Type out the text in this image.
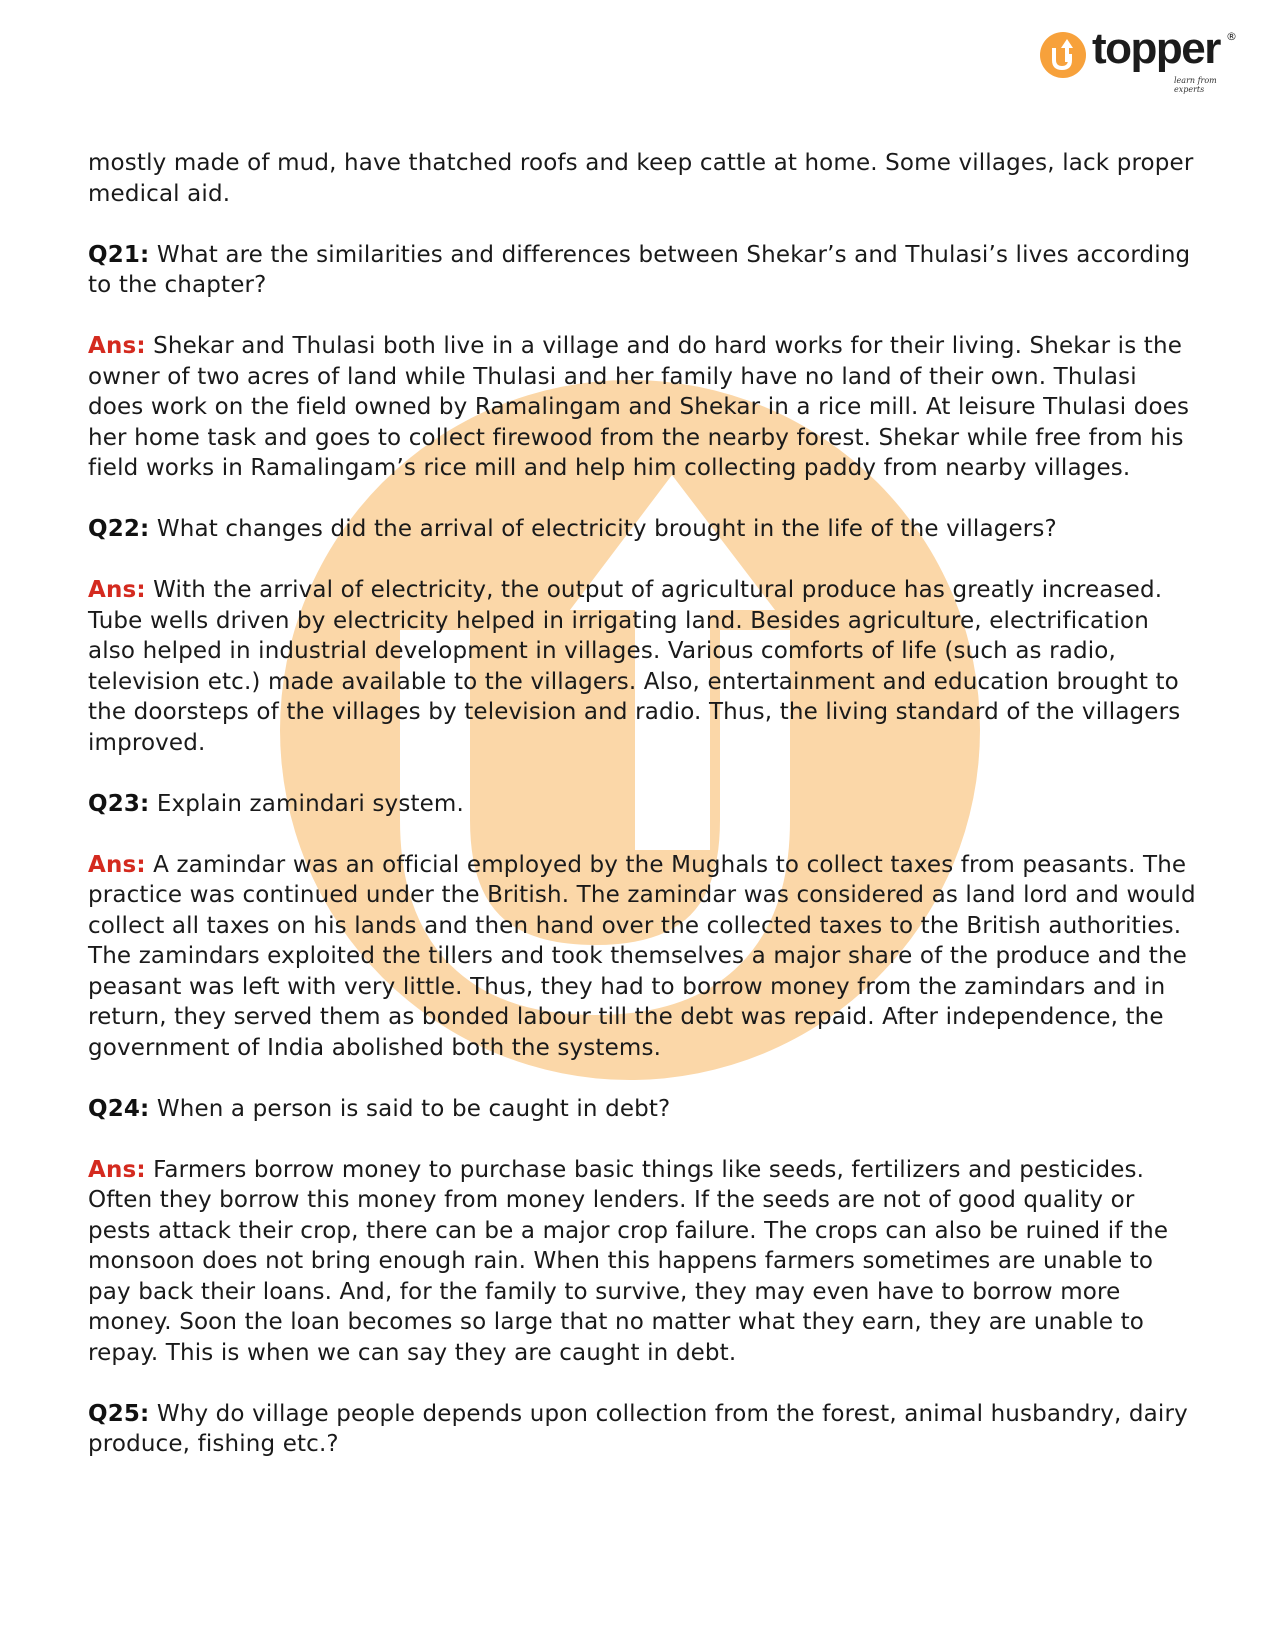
topper ®
learn from experts

mostly made of mud, have thatched roofs and keep cattle at home. Some villages, lack proper medical aid.

Q21: What are the similarities and differences between Shekar’s and Thulasi’s lives according to the chapter?

Ans: Shekar and Thulasi both live in a village and do hard works for their living. Shekar is the owner of two acres of land while Thulasi and her family have no land of their own. Thulasi does work on the field owned by Ramalingam and Shekar in a rice mill. At leisure Thulasi does her home task and goes to collect firewood from the nearby forest. Shekar while free from his field works in Ramalingam’s rice mill and help him collecting paddy from nearby villages.

Q22: What changes did the arrival of electricity brought in the life of the villagers?

Ans: With the arrival of electricity, the output of agricultural produce has greatly increased. Tube wells driven by electricity helped in irrigating land. Besides agriculture, electrification also helped in industrial development in villages. Various comforts of life (such as radio, television etc.) made available to the villagers. Also, entertainment and education brought to the doorsteps of the villages by television and radio. Thus, the living standard of the villagers improved.

Q23: Explain zamindari system.

Ans: A zamindar was an official employed by the Mughals to collect taxes from peasants. The practice was continued under the British. The zamindar was considered as land lord and would collect all taxes on his lands and then hand over the collected taxes to the British authorities. The zamindars exploited the tillers and took themselves a major share of the produce and the peasant was left with very little. Thus, they had to borrow money from the zamindars and in return, they served them as bonded labour till the debt was repaid. After independence, the government of India abolished both the systems.

Q24: When a person is said to be caught in debt?

Ans: Farmers borrow money to purchase basic things like seeds, fertilizers and pesticides. Often they borrow this money from money lenders. If the seeds are not of good quality or pests attack their crop, there can be a major crop failure. The crops can also be ruined if the monsoon does not bring enough rain. When this happens farmers sometimes are unable to pay back their loans. And, for the family to survive, they may even have to borrow more money. Soon the loan becomes so large that no matter what they earn, they are unable to repay. This is when we can say they are caught in debt.

Q25: Why do village people depends upon collection from the forest, animal husbandry, dairy produce, fishing etc.?
